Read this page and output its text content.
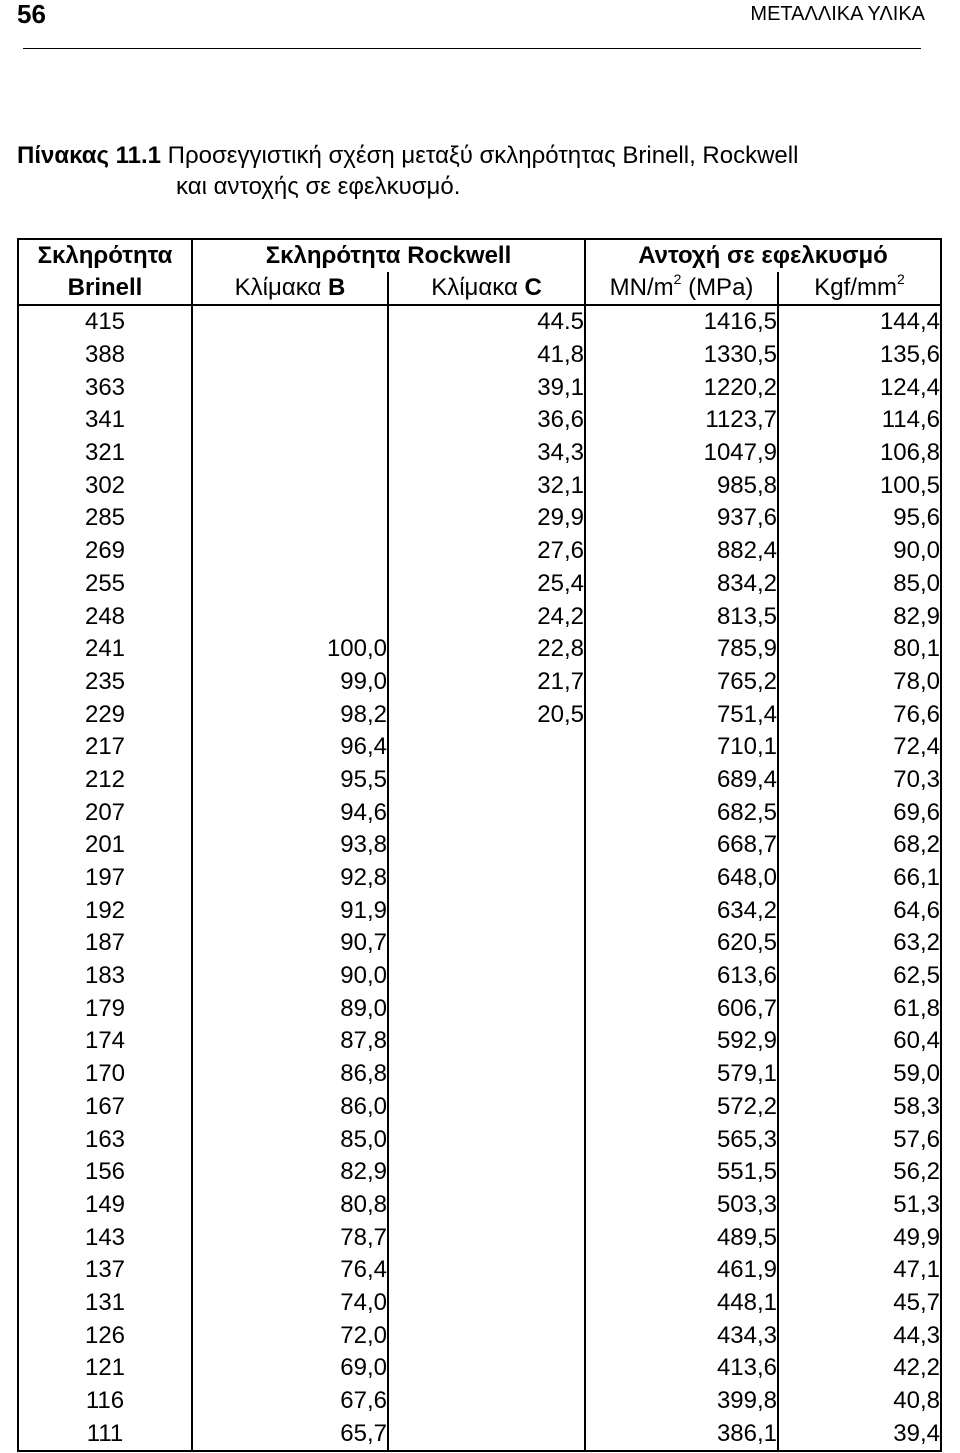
56	ΜΕΤΑΛΛΙΚΑ ΥΛΙΚΑ
Πίνακας 11.1 Προσεγγιστική σχέση μεταξύ σκληρότητας Brinell, Rockwell
και αντοχής σε εφελκυσμό.
Σκληρότητα	Σκληρότητα Rockwell		Αντοχή σε εφελκυσμό	
Brinell	Κλίμακα B	Κλίμακα C	$MN/m^2$ (MPa)	Kgf/$mm^2$
415		44.5	1416,5	144,4
388		41,8	1330,5	135,6
363		39,1	1220,2	124,4
341		36,6	1123,7	114,6
321		34,3	1047,9	106,8
302		32,1	985,8	100,5
285		29,9	937,6	95,6
269		27,6	882,4	90,0
255		25,4	834,2	85,0
248		24,2	813,5	82,9
241	100,0	22,8	785,9	80,1
235	99,0	21,7	765,2	78,0
229	98,2	20,5	751,4	76,6
217	96,4		710,1	72,4
212	95,5		689,4	70,3
207	94,6		682,5	69,6
201	93,8		668,7	68,2
197	92,8		648,0	66,1
192	91,9		634,2	64,6
187	90,7		620,5	63,2
183	90,0		613,6	62,5
179	89,0		606,7	61,8
174	87,8		592,9	60,4
170	86,8		579,1	59,0
167	86,0		572,2	58,3
163	85,0		565,3	57,6
156	82,9		551,5	56,2
149	80,8		503,3	51,3
143	78,7		489,5	49,9
137	76,4		461,9	47,1
131	74,0		448,1	45,7
126	72,0		434,3	44,3
121	69,0		413,6	42,2
116	67,6		399,8	40,8
111	65,7		386,1	39,4
